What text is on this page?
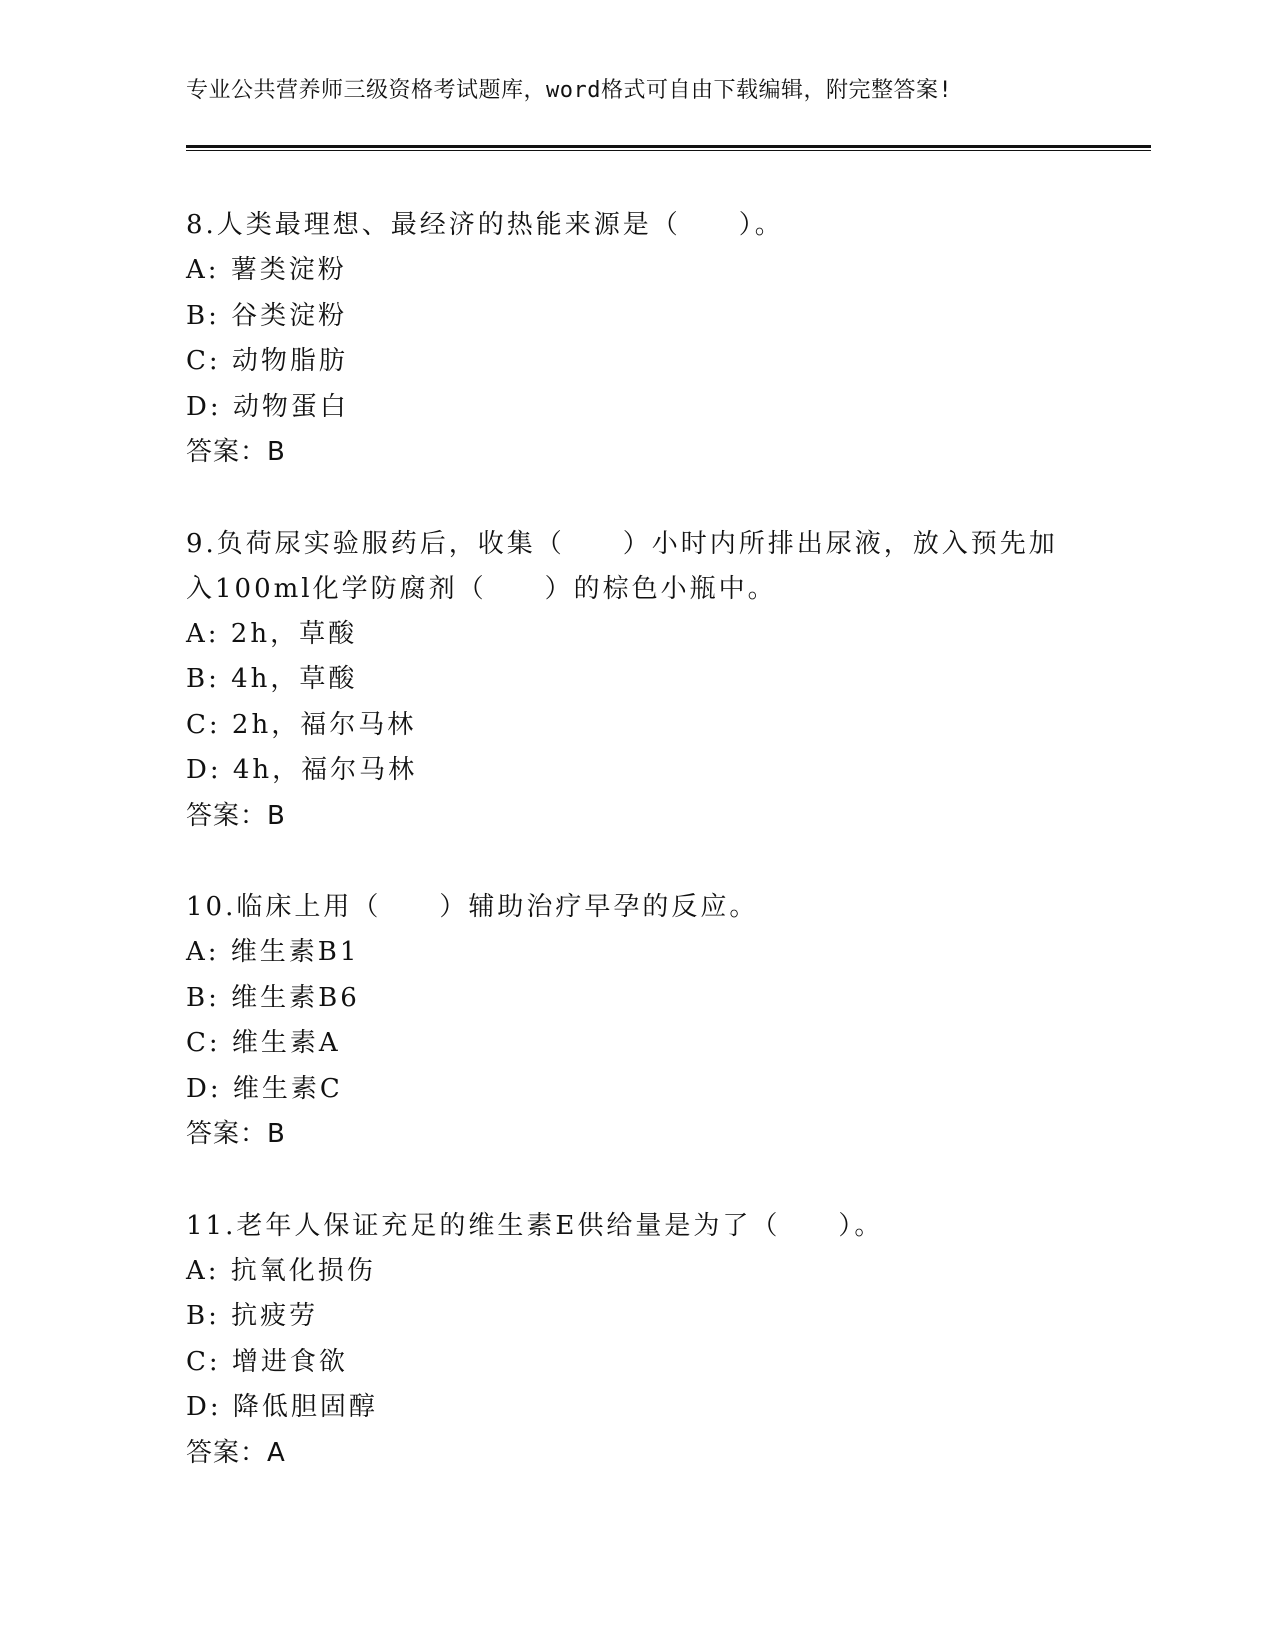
专业公共营养师三级资格考试题库，word格式可自由下载编辑，附完整答案!
8.人类最理想、最经济的热能来源是（　　）。
A: 薯类淀粉
B: 谷类淀粉
C: 动物脂肪
D: 动物蛋白
答案：B
9.负荷尿实验服药后，收集（　　）小时内所排出尿液，放入预先加入100ml化学防腐剂（　　）的棕色小瓶中。
A: 2h，草酸
B: 4h，草酸
C: 2h，福尔马林
D: 4h，福尔马林
答案：B
10.临床上用（　　）辅助治疗早孕的反应。
A: 维生素B1
B: 维生素B6
C: 维生素A
D: 维生素C
答案：B
11.老年人保证充足的维生素E供给量是为了（　　）。
A: 抗氧化损伤
B: 抗疲劳
C: 增进食欲
D: 降低胆固醇
答案：A
